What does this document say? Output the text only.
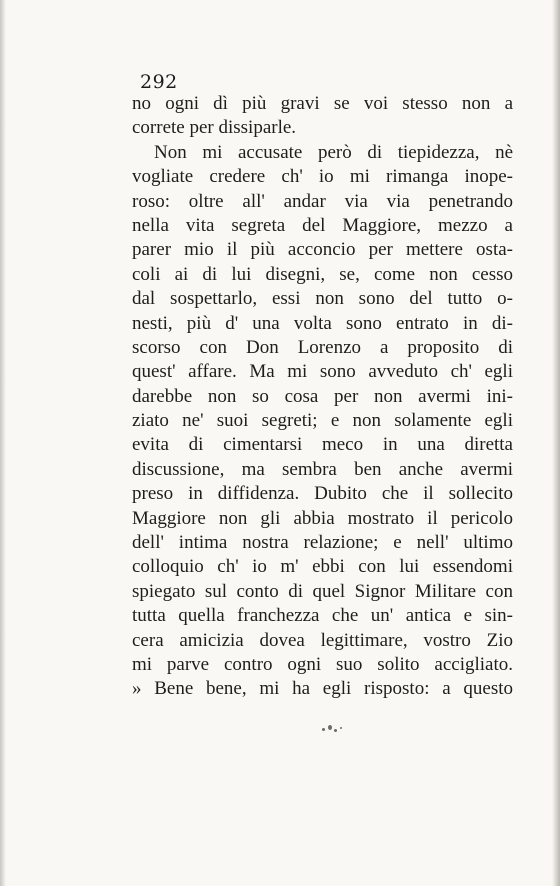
292
no ogni dì più gravi se voi stesso non a
correte per dissiparle.
Non mi accusate però di tiepidezza, nè
vogliate credere ch' io mi rimanga inope-
roso: oltre all' andar via via penetrando
nella vita segreta del Maggiore, mezzo a
parer mio il più acconcio per mettere osta-
coli ai di lui disegni, se, come non cesso
dal sospettarlo, essi non sono del tutto o-
nesti, più d' una volta sono entrato in di-
scorso con Don Lorenzo a proposito di
quest' affare. Ma mi sono avveduto ch' egli
darebbe non so cosa per non avermi ini-
ziato ne' suoi segreti; e non solamente egli
evita di cimentarsi meco in una diretta
discussione, ma sembra ben anche avermi
preso in diffidenza. Dubito che il sollecito
Maggiore non gli abbia mostrato il pericolo
dell' intima nostra relazione; e nell' ultimo
colloquio ch' io m' ebbi con lui essendomi
spiegato sul conto di quel Signor Militare con
tutta quella franchezza che un' antica e sin-
cera amicizia dovea legittimare, vostro Zio
mi parve contro ogni suo solito accigliato.
» Bene bene, mi ha egli risposto: a questo
